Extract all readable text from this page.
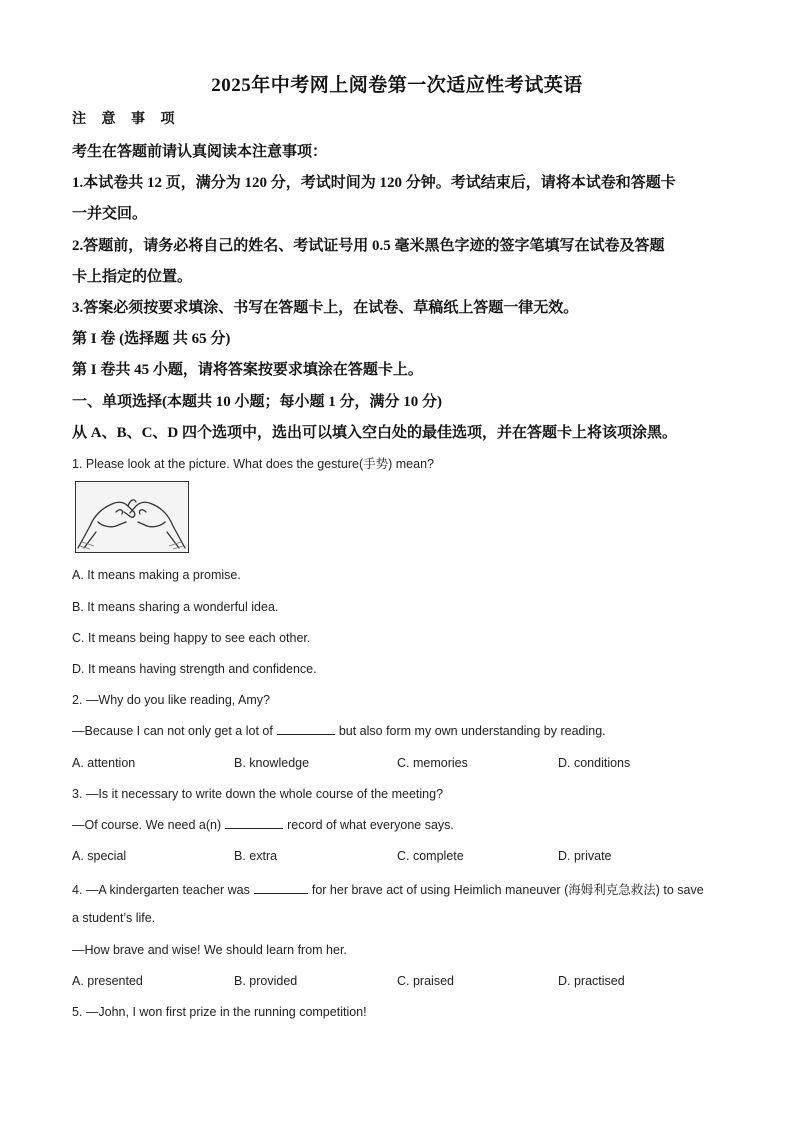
2025年中考网上阅卷第一次适应性考试英语
注 意 事 项
考生在答题前请认真阅读本注意事项：
1.本试卷共 12 页，满分为 120 分，考试时间为 120 分钟。考试结束后，请将本试卷和答题卡
一并交回。
2.答题前，请务必将自己的姓名、考试证号用 0.5 毫米黑色字迹的签字笔填写在试卷及答题
卡上指定的位置。
3.答案必须按要求填涂、书写在答题卡上，在试卷、草稿纸上答题一律无效。
第 I 卷 (选择题 共 65 分)
第 I 卷共 45 小题，请将答案按要求填涂在答题卡上。
一、单项选择(本题共 10 小题；每小题 1 分，满分 10 分)
从 A、B、C、D 四个选项中，选出可以填入空白处的最佳选项，并在答题卡上将该项涂黑。
1. Please look at the picture. What does the gesture(手势) mean?
A. It means making a promise.
B. It means sharing a wonderful idea.
C. It means being happy to see each other.
D. It means having strength and confidence.
2. —Why do you like reading, Amy?
—Because I can not only get a lot of	but also form my own understanding by reading.
A. attention	B. knowledge	C. memories	D. conditions
3. —Is it necessary to write down the whole course of the meeting?
—Of course. We need a(n)	record of what everyone says.
A. special	B. extra	C. complete	D. private
4. —A kindergarten teacher was	for her brave act of using Heimlich maneuver (海姆利克急救法) to save
a student’s life.
—How brave and wise! We should learn from her.
A. presented	B. provided	C. praised	D. practised
5. —John, I won first prize in the running competition!
